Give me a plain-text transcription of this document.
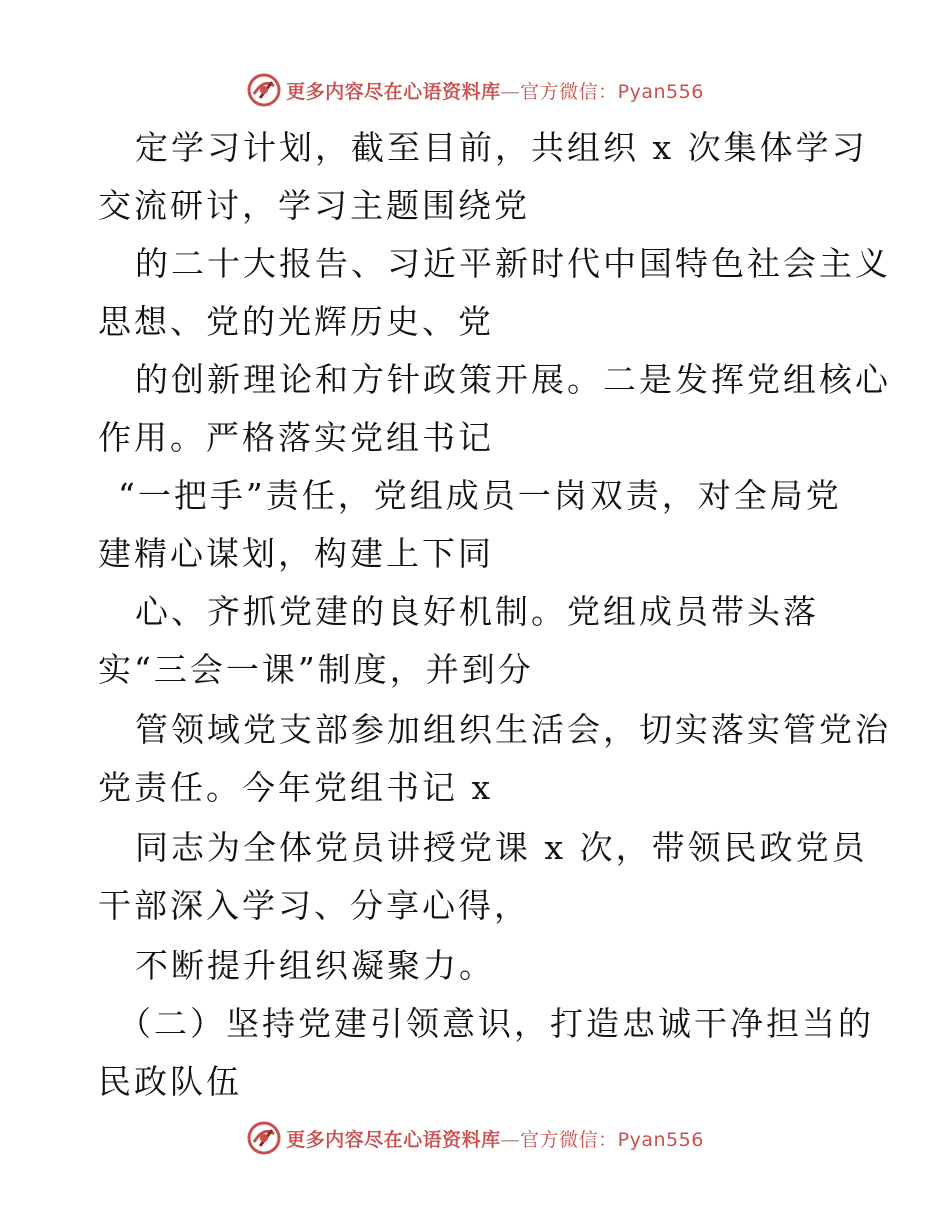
更多内容尽在心语资料库—官方微信：Pyan556
定学习计划，截至目前，共组织 x 次集体学习
交流研讨，学习主题围绕党
的二十大报告、习近平新时代中国特色社会主义
思想、党的光辉历史、党
的创新理论和方针政策开展。二是发挥党组核心
作用。严格落实党组书记
“一把手”责任，党组成员一岗双责，对全局党
建精心谋划，构建上下同
心、齐抓党建的良好机制。党组成员带头落
实“三会一课”制度，并到分
管领域党支部参加组织生活会，切实落实管党治
党责任。今年党组书记 x
同志为全体党员讲授党课 x 次，带领民政党员
干部深入学习、分享心得，
不断提升组织凝聚力。
（二）坚持党建引领意识，打造忠诚干净担当的
民政队伍
更多内容尽在心语资料库—官方微信：Pyan556
